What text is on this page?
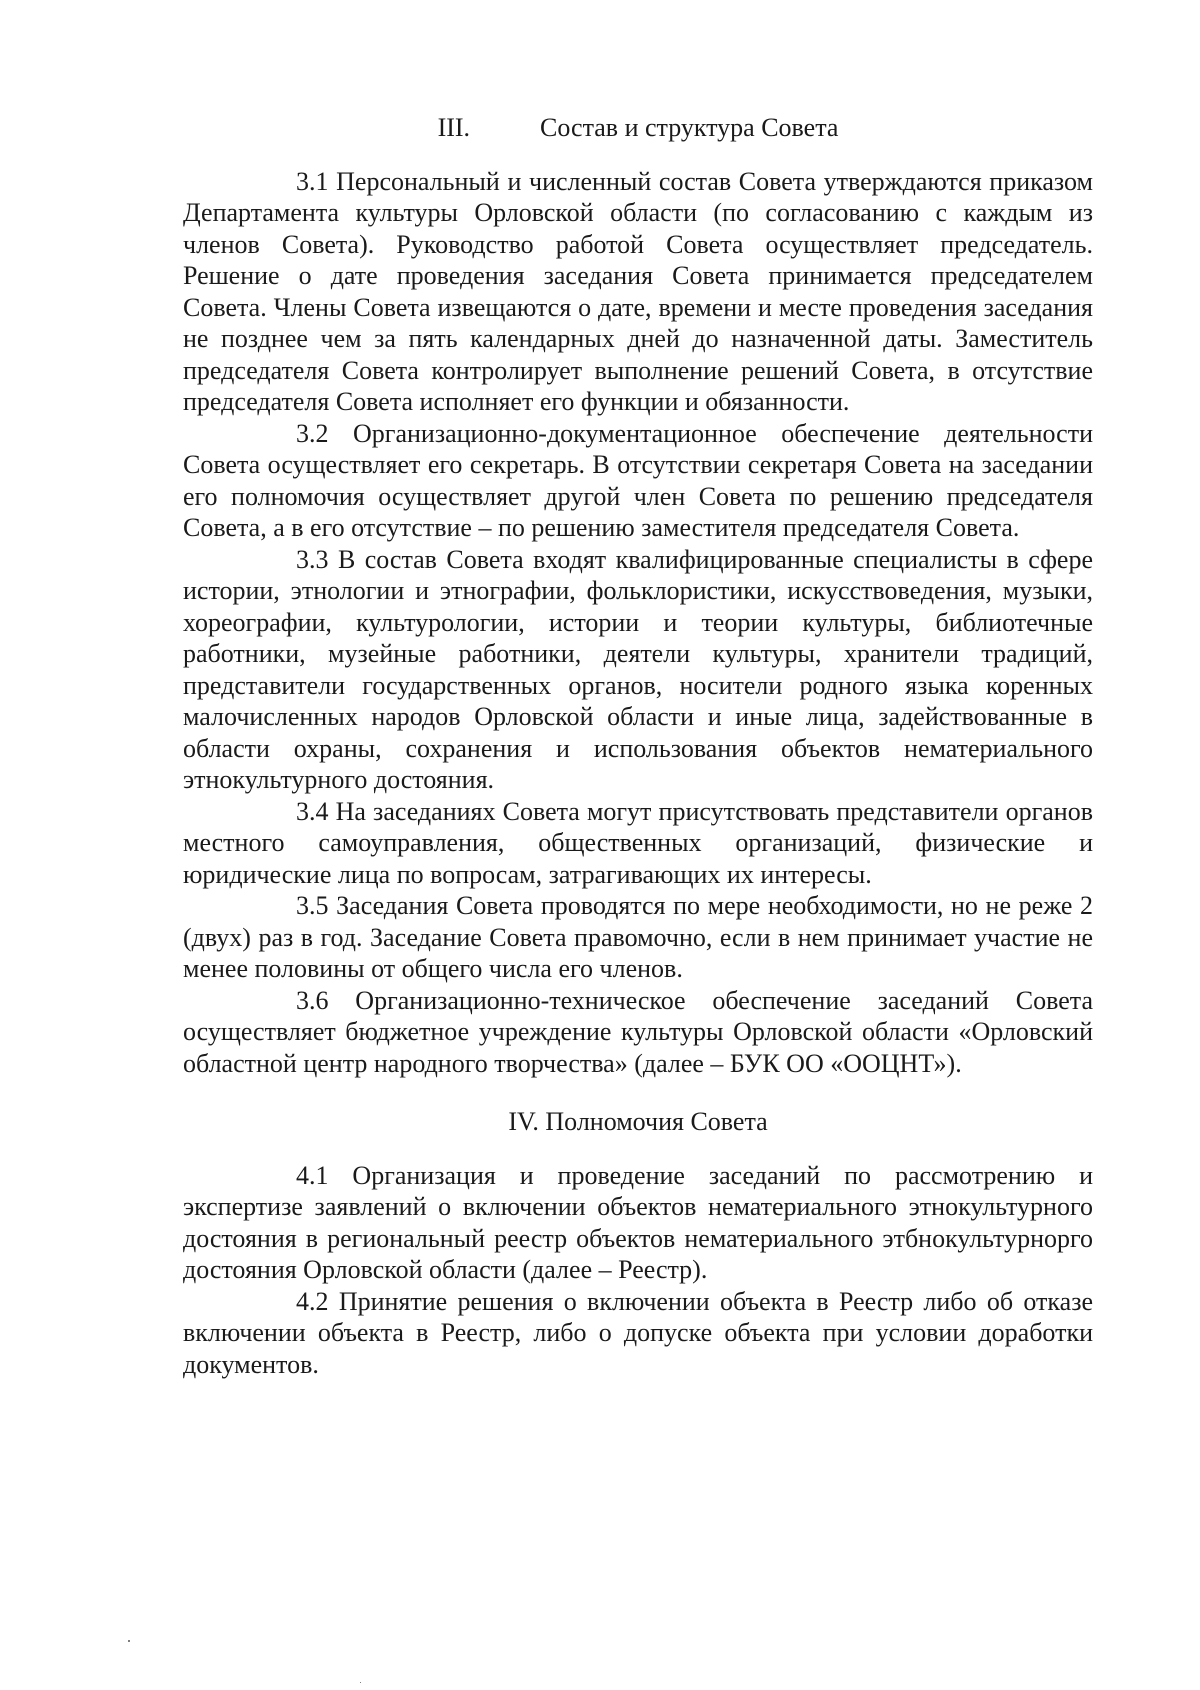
III.	Состав и структура Совета

3.1 Персональный и численный состав Совета утверждаются приказом Департамента культуры Орловской области (по согласованию с каждым из членов Совета). Руководство работой Совета осуществляет председатель. Решение о дате проведения заседания Совета принимается председателем Совета. Члены Совета извещаются о дате, времени и месте проведения заседания не позднее чем за пять календарных дней до назначенной даты. Заместитель председателя Совета контролирует выполнение решений Совета, в отсутствие председателя Совета исполняет его функции и обязанности.

3.2 Организационно-документационное обеспечение деятельности Совета осуществляет его секретарь. В отсутствии секретаря Совета на заседании его полномочия осуществляет другой член Совета по решению председателя Совета, а в его отсутствие – по решению заместителя председателя Совета.

3.3 В состав Совета входят квалифицированные специалисты в сфере истории, этнологии и этнографии, фольклористики, искусствоведения, музыки, хореографии, культурологии, истории и теории культуры, библиотечные работники, музейные работники, деятели культуры, хранители традиций, представители государственных органов, носители родного языка коренных малочисленных народов Орловской области и иные лица, задействованные в области охраны, сохранения и использования объектов нематериального этнокультурного достояния.

3.4 На заседаниях Совета могут присутствовать представители органов местного самоуправления, общественных организаций, физические и юридические лица по вопросам, затрагивающих их интересы.

3.5 Заседания Совета проводятся по мере необходимости, но не реже 2 (двух) раз в год. Заседание Совета правомочно, если в нем принимает участие не менее половины от общего числа его членов.

3.6 Организационно-техническое обеспечение заседаний Совета осуществляет бюджетное учреждение культуры Орловской области «Орловский областной центр народного творчества» (далее – БУК ОО «ООЦНТ»).

IV. Полномочия Совета

4.1 Организация и проведение заседаний по рассмотрению и экспертизе заявлений о включении объектов нематериального этнокультурного достояния в региональный реестр объектов нематериального этбнокультурнорго достояния Орловской области (далее – Реестр).

4.2 Принятие решения о включении объекта в Реестр либо об отказе включении объекта в Реестр, либо о допуске объекта при условии доработки документов.
